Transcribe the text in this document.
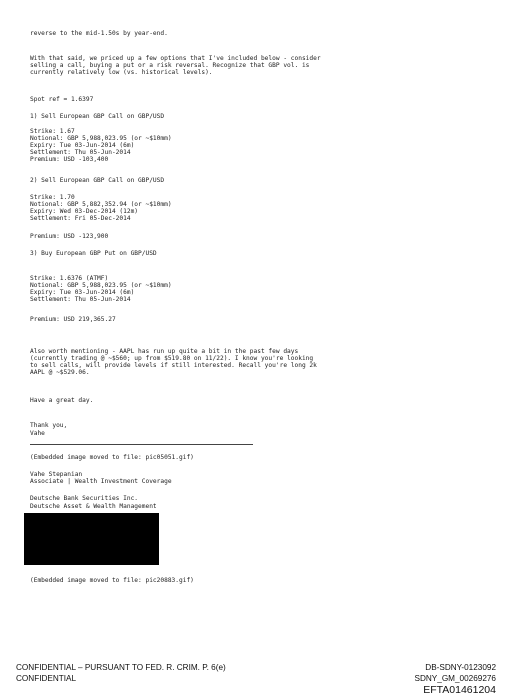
reverse to the mid-1.50s by year-end.
With that said, we priced up a few options that I've included below - consider
selling a call, buying a put or a risk reversal. Recognize that GBP vol. is
currently relatively low (vs. historical levels).
Spot ref = 1.6397
1) Sell European GBP Call on GBP/USD
Strike: 1.67
Notional: GBP 5,988,023.95 (or ~$10mm)
Expiry: Tue 03-Jun-2014 (6m)
Settlement: Thu 05-Jun-2014
Premium: USD -103,400
2) Sell European GBP Call on GBP/USD
Strike: 1.70
Notional: GBP 5,882,352.94 (or ~$10mm)
Expiry: Wed 03-Dec-2014 (12m)
Settlement: Fri 05-Dec-2014
Premium: USD -123,900
3) Buy European GBP Put on GBP/USD
Strike: 1.6376 (ATMF)
Notional: GBP 5,988,023.95 (or ~$10mm)
Expiry: Tue 03-Jun-2014 (6m)
Settlement: Thu 05-Jun-2014
Premium: USD 219,365.27
Also worth mentioning - AAPL has run up quite a bit in the past few days
(currently trading @ ~$560; up from $519.80 on 11/22). I know you're looking
to sell calls, will provide levels if still interested. Recall you're long 2k
AAPL @ ~$529.06.
Have a great day.
Thank you,
Vahe
(Embedded image moved to file: pic05051.gif)
Vahe Stepanian
Associate | Wealth Investment Coverage
Deutsche Bank Securities Inc.
Deutsche Asset & Wealth Management
(Embedded image moved to file: pic20883.gif)
CONFIDENTIAL – PURSUANT TO FED. R. CRIM. P. 6(e)
CONFIDENTIAL
DB-SDNY-0123092
SDNY_GM_00269276
EFTA01461204
